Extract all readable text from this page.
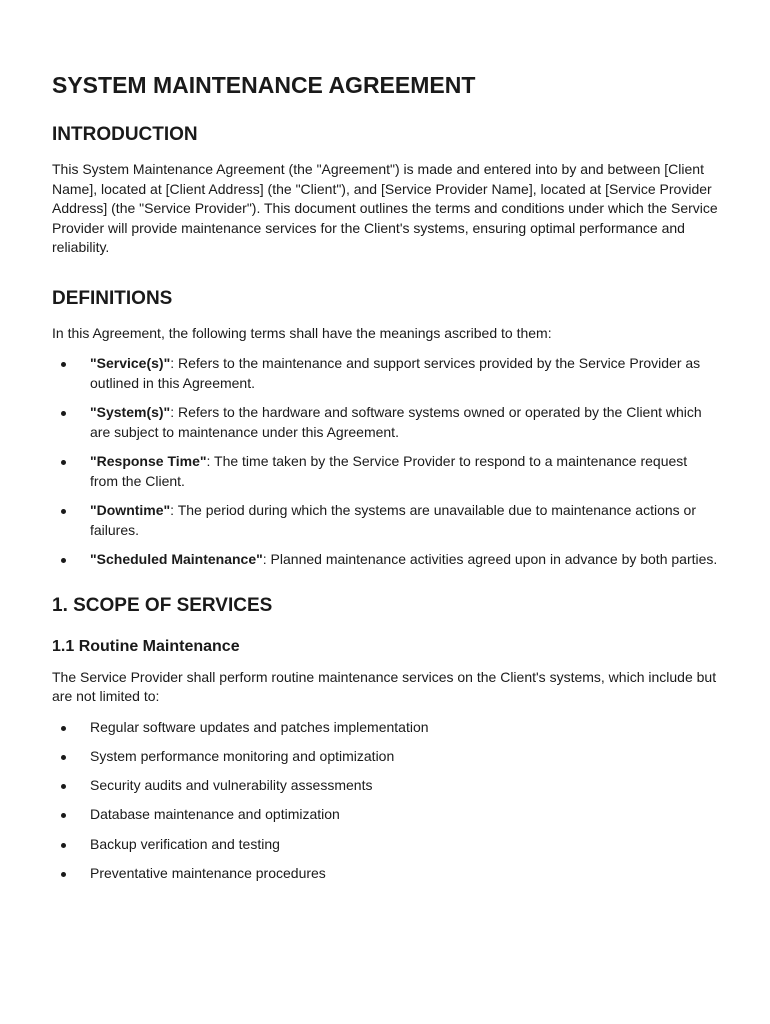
SYSTEM MAINTENANCE AGREEMENT
INTRODUCTION

This System Maintenance Agreement (the "Agreement") is made and entered into by and between [Client Name], located at [Client Address] (the "Client"), and [Service Provider Name], located at [Service Provider Address] (the "Service Provider"). This document outlines the terms and conditions under which the Service Provider will provide maintenance services for the Client's systems, ensuring optimal performance and reliability.

DEFINITIONS

In this Agreement, the following terms shall have the meanings ascribed to them:

"Service(s)": Refers to the maintenance and support services provided by the Service Provider as outlined in this Agreement.
"System(s)": Refers to the hardware and software systems owned or operated by the Client which are subject to maintenance under this Agreement.
"Response Time": The time taken by the Service Provider to respond to a maintenance request from the Client.
"Downtime": The period during which the systems are unavailable due to maintenance actions or failures.
"Scheduled Maintenance": Planned maintenance activities agreed upon in advance by both parties.
1. SCOPE OF SERVICES
1.1 Routine Maintenance

The Service Provider shall perform routine maintenance services on the Client's systems, which include but are not limited to:

Regular software updates and patches implementation
System performance monitoring and optimization
Security audits and vulnerability assessments
Database maintenance and optimization
Backup verification and testing
Preventative maintenance procedures
